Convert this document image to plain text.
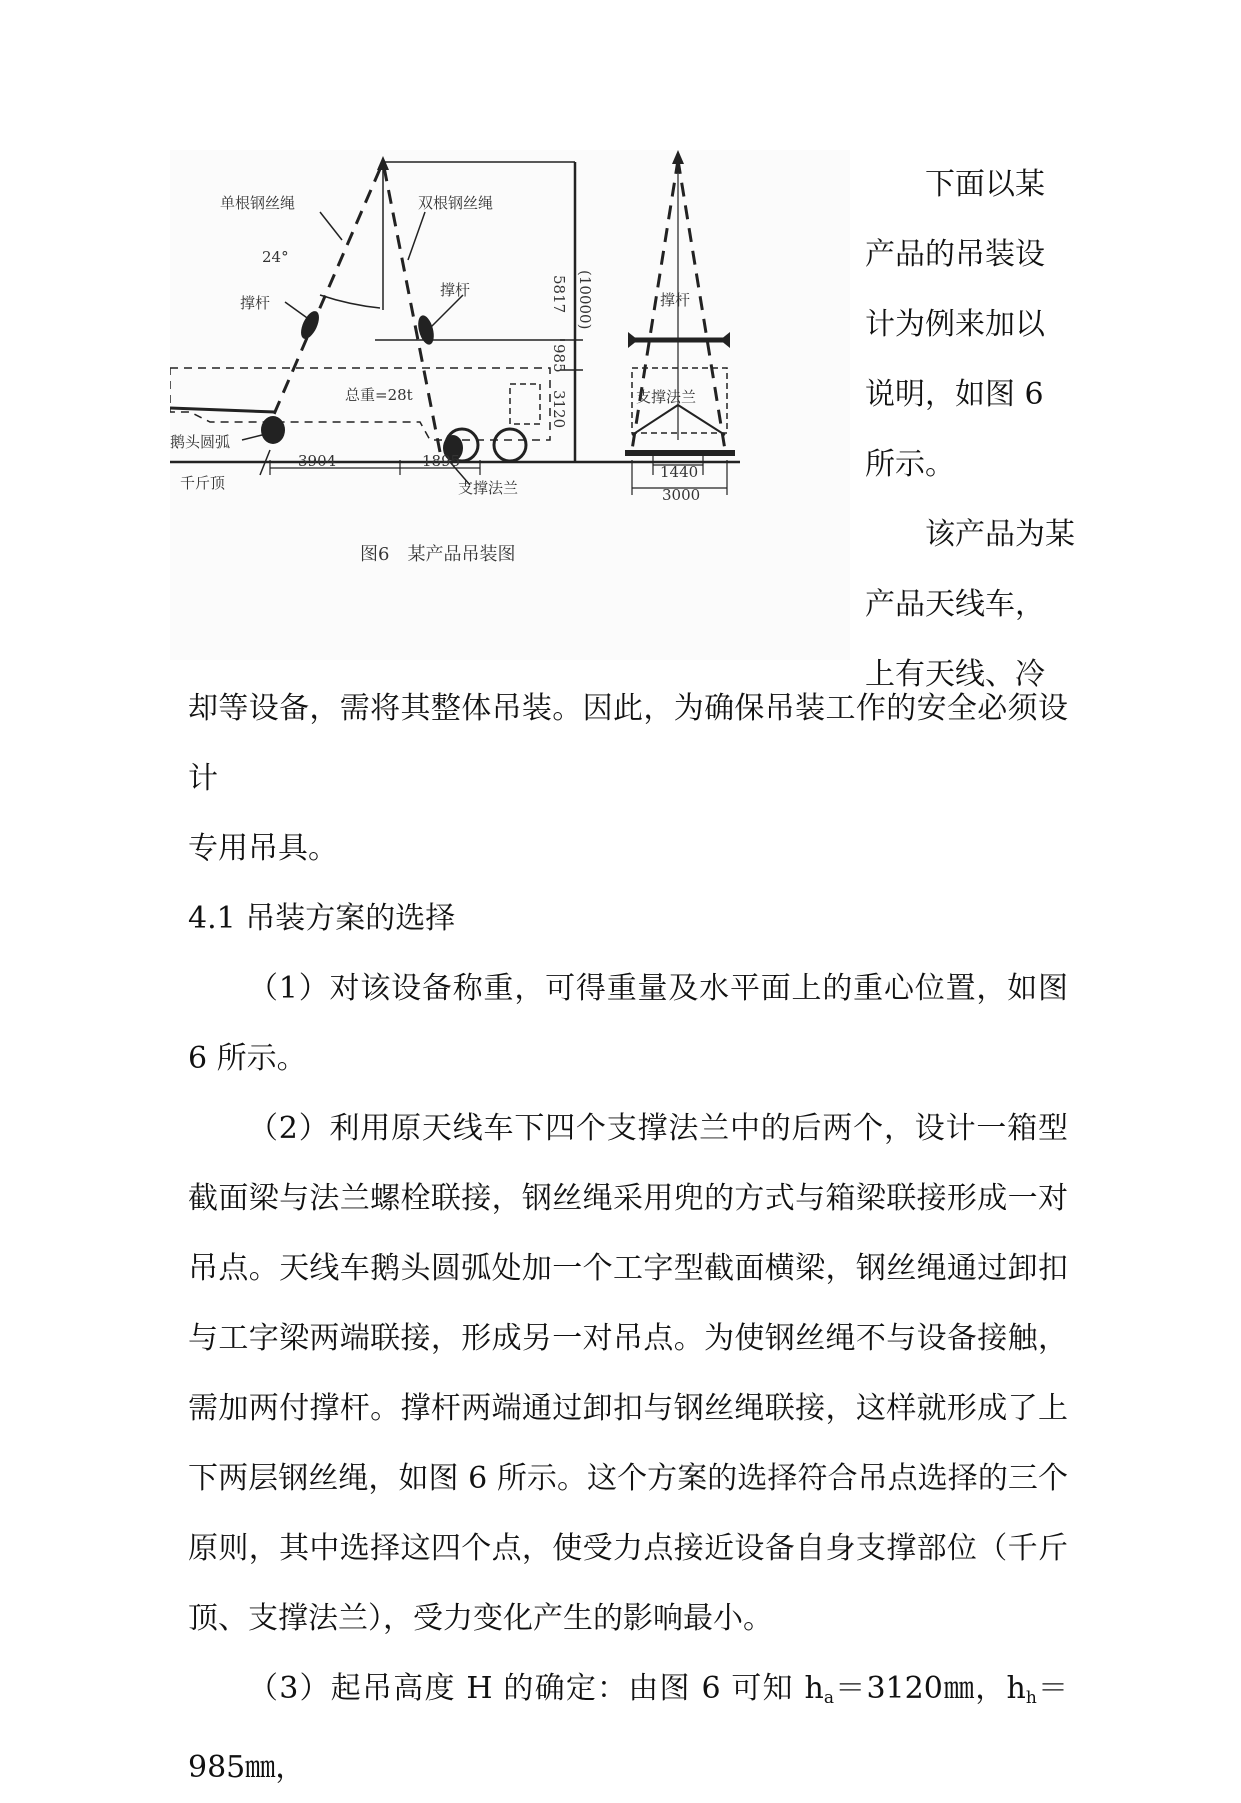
单根钢丝绳	双根钢丝绳
24°
撑杆
撑杆
撑杆
总重=28t
鹅头圆弧
千斤顶	支撑法兰
支撑法兰
3904	1895
1440
3000
5817 (10000)
985
3120
图6　某产品吊装图

下面以某

产品的吊装设

计为例来加以

说明，如图 6

所示。

该产品为某

产品天线车，

上有天线、冷

却等设备，需将其整体吊装。因此，为确保吊装工作的安全必须设计

专用吊具。

4.1 吊装方案的选择

（1）对该设备称重，可得重量及水平面上的重心位置，如图 6 所示。

（2）利用原天线车下四个支撑法兰中的后两个，设计一箱型截面梁与法兰螺栓联接，钢丝绳采用兜的方式与箱梁联接形成一对吊点。天线车鹅头圆弧处加一个工字型截面横梁，钢丝绳通过卸扣与工字梁两端联接，形成另一对吊点。为使钢丝绳不与设备接触，需加两付撑杆。撑杆两端通过卸扣与钢丝绳联接，这样就形成了上下两层钢丝绳，如图 6 所示。这个方案的选择符合吊点选择的三个原则，其中选择这四个点，使受力点接近设备自身支撑部位（千斤顶、支撑法兰），受力变化产生的影响最小。

（3）起吊高度 H 的确定：由图 6 可知 $h_a=3120㎜$，$h_h=985㎜$，
